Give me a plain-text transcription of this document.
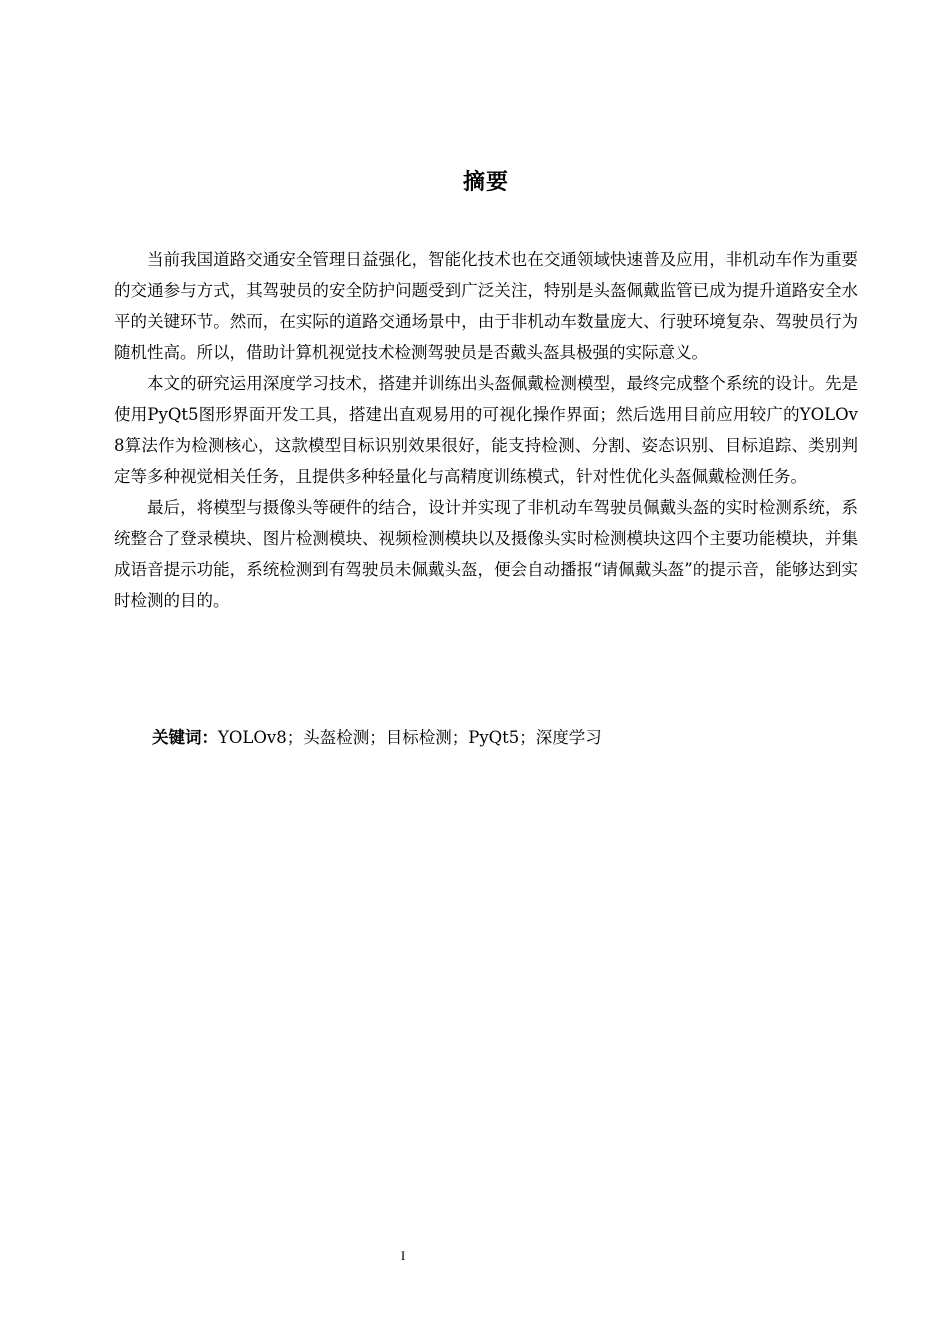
摘要

当前我国道路交通安全管理日益强化，智能化技术也在交通领域快速普及应用，非机动车作为重要的交通参与方式，其驾驶员的安全防护问题受到广泛关注，特别是头盔佩戴监管已成为提升道路安全水平的关键环节。然而，在实际的道路交通场景中，由于非机动车数量庞大、行驶环境复杂、驾驶员行为随机性高。所以，借助计算机视觉技术检测驾驶员是否戴头盔具极强的实际意义。

本文的研究运用深度学习技术，搭建并训练出头盔佩戴检测模型，最终完成整个系统的设计。先是使用PyQt5图形界面开发工具，搭建出直观易用的可视化操作界面；然后选用目前应用较广的YOLOv8算法作为检测核心，这款模型目标识别效果很好，能支持检测、分割、姿态识别、目标追踪、类别判定等多种视觉相关任务，且提供多种轻量化与高精度训练模式，针对性优化头盔佩戴检测任务。

最后，将模型与摄像头等硬件的结合，设计并实现了非机动车驾驶员佩戴头盔的实时检测系统，系统整合了登录模块、图片检测模块、视频检测模块以及摄像头实时检测模块这四个主要功能模块，并集成语音提示功能，系统检测到有驾驶员未佩戴头盔，便会自动播报“请佩戴头盔”的提示音，能够达到实时检测的目的。

关键词：YOLOv8；头盔检测；目标检测；PyQt5；深度学习
I
